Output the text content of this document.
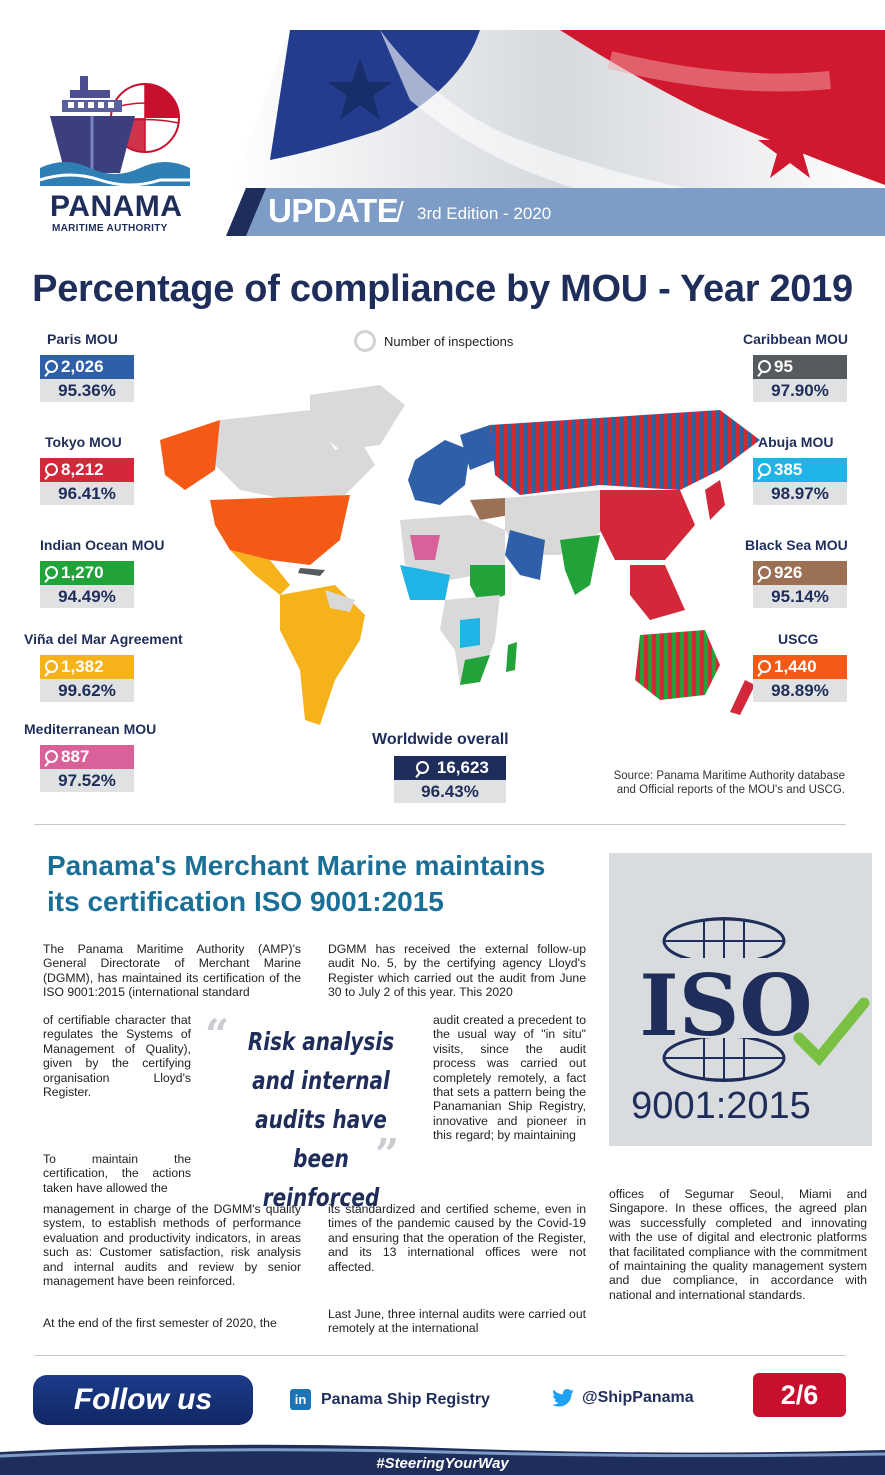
PANAMA
MARITIME AUTHORITY	UPDATE
/ 3rd Edition - 2020
Percentage of compliance by MOU - Year 2019
Number of inspections
Paris MOU
2,026
95.36%
Tokyo MOU
8,212
96.41%
Indian Ocean MOU
1,270
94.49%
Viña del Mar Agreement
1,382
99.62%
Mediterranean MOU
887
97.52%
Caribbean MOU
95
97.90%
Abuja MOU
385
98.97%
Black Sea MOU
926
95.14%
USCG
1,440
98.89%
Worldwide overall

16,623
96.43%
Source: Panama Maritime Authority database
and Official reports of the MOU's and USCG.
Panama's Merchant Marine maintains
its certification ISO 9001:2015
The Panama Maritime Authority (AMP)'s General Directorate of Merchant Marine (DGMM), has maintained its certification of the ISO 9001:2015 (international standard
of certifiable character that regulates the Systems of Management of Quality), given by the certifying organisation Lloyd's Register.
To maintain the certification, the actions taken have allowed the
management in charge of the DGMM's quality system, to establish methods of performance evaluation and productivity indicators, in areas such as: Customer satisfaction, risk analysis and internal audits and review by senior management have been reinforced.
At the end of the first semester of 2020, the
“ Risk analysis and internal audits have been reinforced
”
DGMM has received the external follow-up audit No. 5, by the certifying agency Lloyd's Register which carried out the audit from June 30 to July 2 of this year. This 2020
audit created a precedent to the usual way of "in situ" visits, since the audit process was carried out completely remotely, a fact that sets a pattern being the Panamanian Ship Registry, innovative and pioneer in this regard; by maintaining
its standardized and certified scheme, even in times of the pandemic caused by the Covid-19 and ensuring that the operation of the Register, and its 13 international offices were not affected.
Last June, three internal audits were carried out remotely at the international
ISO
9001:2015
offices of Segumar Seoul, Miami and Singapore. In these offices, the agreed plan was successfully completed and innovating with the use of digital and electronic platforms that facilitated compliance with the commitment of maintaining the quality management system and due compliance, in accordance with national and international standards.
Follow us	in Panama Ship Registry	@ShipPanama	2/6
#SteeringYourWay
